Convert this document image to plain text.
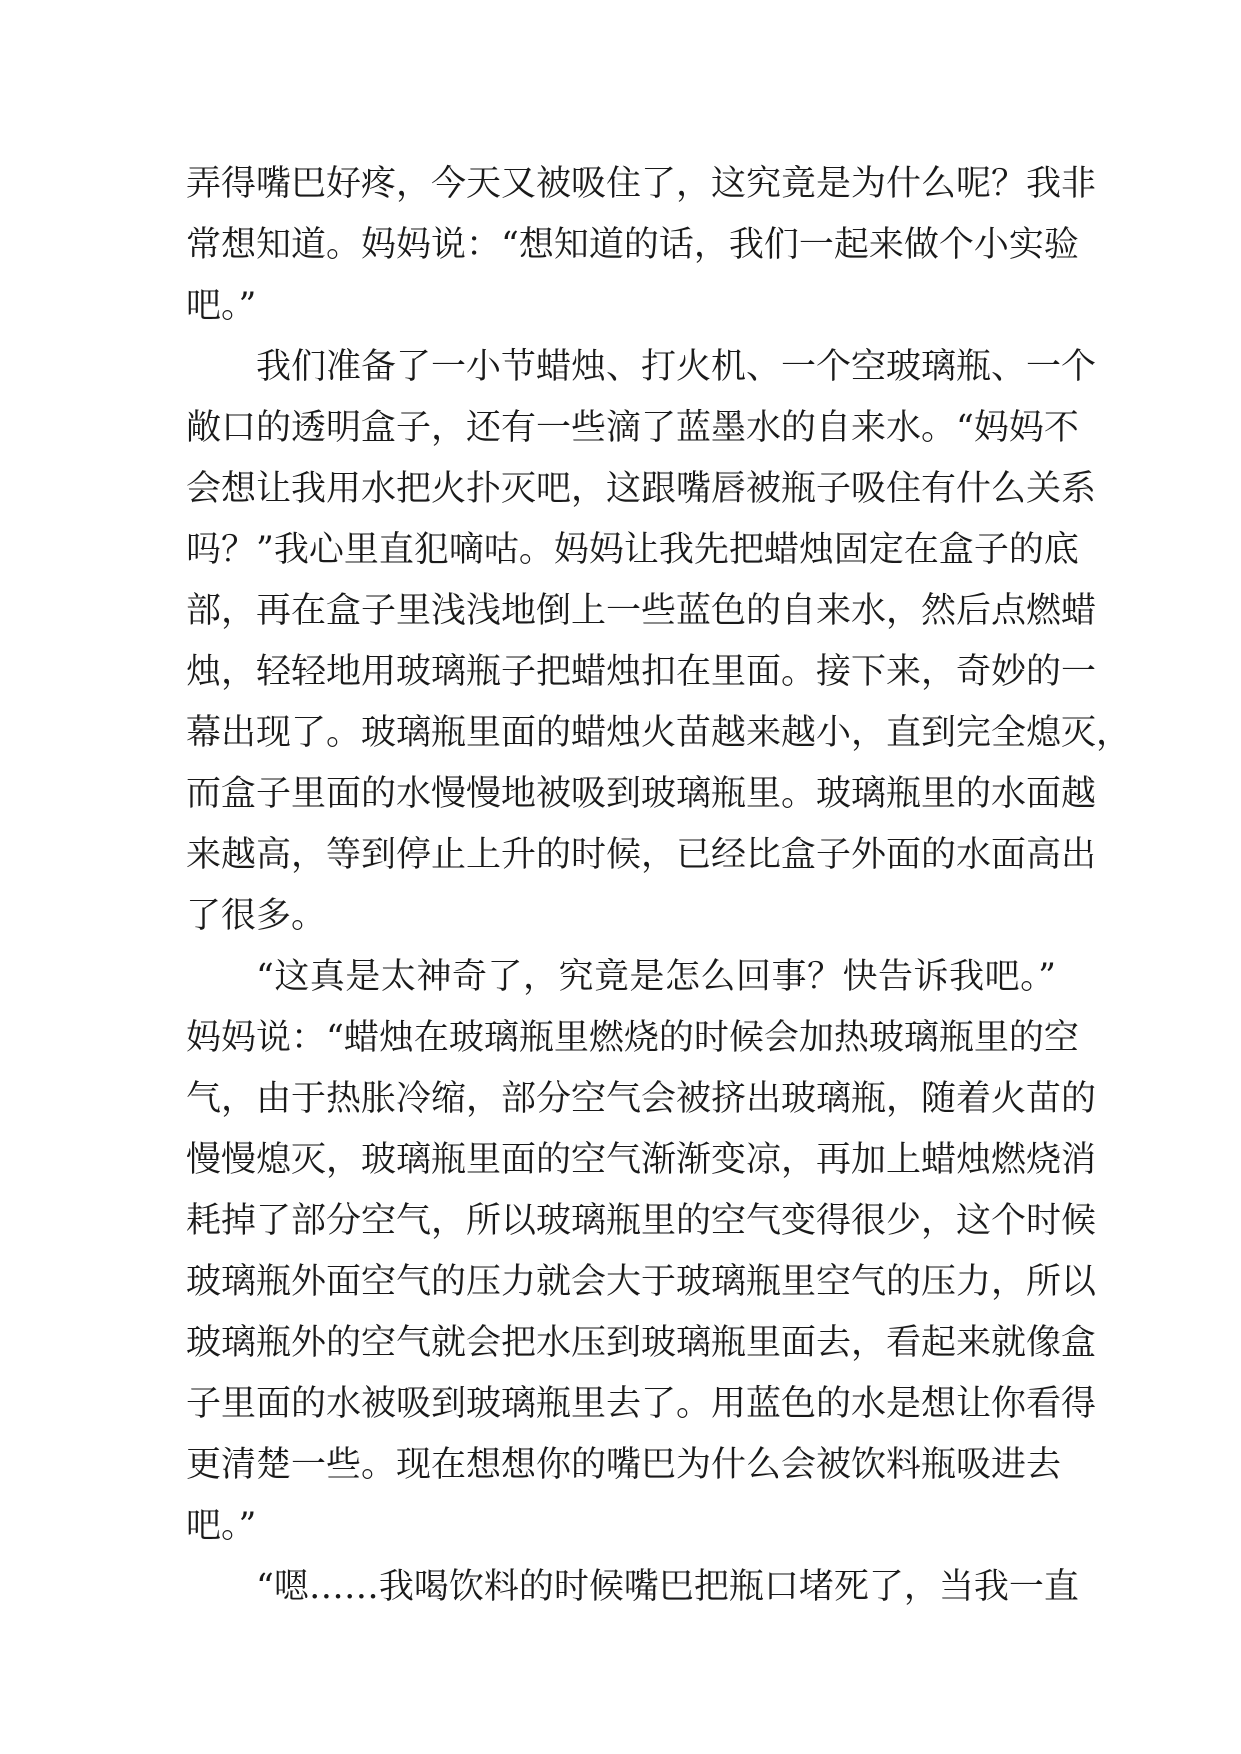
弄得嘴巴好疼，今天又被吸住了，这究竟是为什么呢？我非
常想知道。妈妈说：“想知道的话，我们一起来做个小实验
吧。”
我们准备了一小节蜡烛、打火机、一个空玻璃瓶、一个
敞口的透明盒子，还有一些滴了蓝墨水的自来水。“妈妈不
会想让我用水把火扑灭吧，这跟嘴唇被瓶子吸住有什么关系
吗？”我心里直犯嘀咕。妈妈让我先把蜡烛固定在盒子的底
部，再在盒子里浅浅地倒上一些蓝色的自来水，然后点燃蜡
烛，轻轻地用玻璃瓶子把蜡烛扣在里面。接下来，奇妙的一
幕出现了。玻璃瓶里面的蜡烛火苗越来越小，直到完全熄灭，
而盒子里面的水慢慢地被吸到玻璃瓶里。玻璃瓶里的水面越
来越高，等到停止上升的时候，已经比盒子外面的水面高出
了很多。
“这真是太神奇了，究竟是怎么回事？快告诉我吧。”
妈妈说：“蜡烛在玻璃瓶里燃烧的时候会加热玻璃瓶里的空
气，由于热胀冷缩，部分空气会被挤出玻璃瓶，随着火苗的
慢慢熄灭，玻璃瓶里面的空气渐渐变凉，再加上蜡烛燃烧消
耗掉了部分空气，所以玻璃瓶里的空气变得很少，这个时候
玻璃瓶外面空气的压力就会大于玻璃瓶里空气的压力，所以
玻璃瓶外的空气就会把水压到玻璃瓶里面去，看起来就像盒
子里面的水被吸到玻璃瓶里去了。用蓝色的水是想让你看得
更清楚一些。现在想想你的嘴巴为什么会被饮料瓶吸进去
吧。”
“嗯……我喝饮料的时候嘴巴把瓶口堵死了，当我一直
